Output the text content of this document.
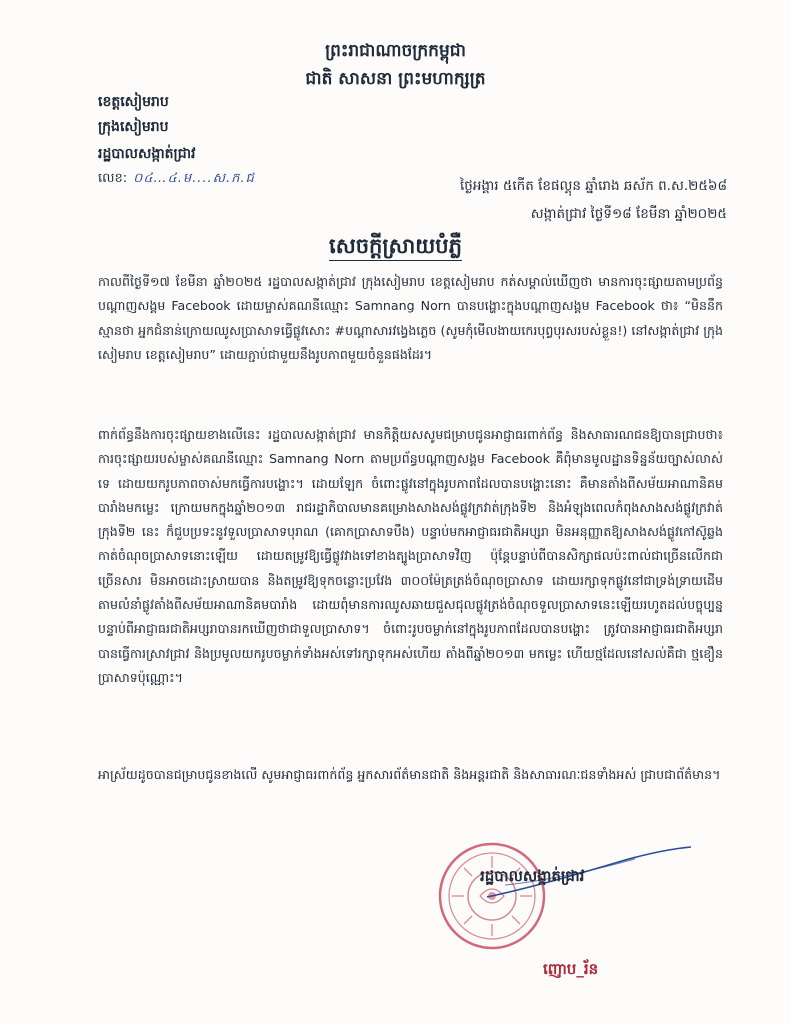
ព្រះរាជាណាចក្រកម្ពុជា
ជាតិ សាសនា ព្រះមហាក្សត្រ
ខេត្តសៀមរាប
ក្រុងសៀមរាប
រដ្ឋបាលសង្កាត់ជ្រាវ
លេខ: ០៤…៤.ម....ស.ក.ជ	ថ្ងៃអង្គារ ៥កេីត ខែផល្គុន ឆ្នាំរោង ឆស័ក ព.ស.២៥៦៨
សង្កាត់ជ្រាវ ថ្ងៃទី១៨ ខែមីនា ឆ្នាំ២០២៥
សេចក្តីស្រាយបំភ្លឺ
កាលពីថ្ងៃទី១៧ ខែមីនា ឆ្នាំ២០២៥ រដ្ឋបាលសង្កាត់ជ្រាវ ក្រុងសៀមរាប ខេត្តសៀមរាប កត់សម្គាល់ឃើញថា មានការចុះផ្សាយតាមប្រព័ន្ធបណ្តាញសង្គម Facebook ដោយម្ចាស់គណនីឈ្មោះ Samnang Norn បានបង្ហោះក្នុងបណ្តាញសង្គម Facebook ថា៖ “មិននឹកស្មានថា អ្នកជំនាន់ក្រោយឈូសប្រាសាទធ្វើផ្លូវសោះ #បណ្តាសារវង្វេងភ្លេច (សូមកុំមើលងាយកេរបុព្វបុរសរបស់ខ្លួន!) នៅសង្កាត់ជ្រាវ ក្រុងសៀមរាប ខេត្តសៀមរាប” ដោយភ្ជាប់ជាមួយនឹងរូបភាពមួយចំនួនផងដែរ។
ពាក់ព័ន្ធនឹងការចុះផ្សាយខាងលើនេះ រដ្ឋបាលសង្កាត់ជ្រាវ មានកិត្តិយសសូមជម្រាបជូនអាជ្ញាធរពាក់ព័ន្ធ និងសាធារណជនឱ្យបានជ្រាបថា៖ ការចុះផ្សាយរបស់ម្ចាស់គណនីឈ្មោះ Samnang Norn តាមប្រព័ន្ធបណ្តាញសង្គម Facebook គឺពុំមានមូលដ្ឋានទិន្នន័យច្បាស់លាស់ទេ ដោយយករូបភាពចាស់មកធ្វើការបង្ហោះ។ ដោយឡែក ចំពោះផ្លូវនៅក្នុងរូបភាពដែលបានបង្ហោះនោះ គឺមានតាំងពីសម័យអាណានិគមបារាំងមកម្លេះ ក្រោយមកក្នុងឆ្នាំ២០១៣ រាជរដ្ឋាភិបាលមានគម្រោងសាងសង់ផ្លូវក្រវាត់ក្រុងទី២ និងអំឡុងពេលកំពុងសាងសង់ផ្លូវក្រវាត់ក្រុងទី២ នេះ ក៏ជួបប្រទះនូវទួលប្រាសាទបុរាណ (គោកប្រាសាទបឹង) បន្ទាប់មកអាជ្ញាធរជាតិអប្សរា មិនអនុញ្ញាតឱ្យសាងសង់ផ្លូវកៅស៊ូឆ្លងកាត់ចំណុចប្រាសាទនោះឡើយ ដោយតម្រូវឱ្យធ្វើផ្លូវវាងទៅខាងត្បូងប្រាសាទវិញ ប៉ុន្តែបន្ទាប់ពីបានសិក្សាផលប៉ះពាល់ជាច្រើនលើកជាច្រើនសារ មិនអាចដោះស្រាយបាន និងតម្រូវឱ្យទុកចន្លោះប្រវែង ៣០០ម៉ែត្រត្រង់ចំណុចប្រាសាទ ដោយរក្សាទុកផ្លូវនៅជាទ្រង់ទ្រាយដើមតាមលំនាំផ្លូវតាំងពីសម័យអាណានិគមបារាំង ដោយពុំមានការឈូសឆាយជួសជុលផ្លូវត្រង់ចំណុចទួលប្រាសាទនេះឡើយរហូតដល់បច្ចុប្បន្ន បន្ទាប់ពីអាជ្ញាធរជាតិអប្សរាបានរកឃើញថាជាទួលប្រាសាទ។ ចំពោះរូបចម្លាក់នៅក្នុងរូបភាពដែលបានបង្ហោះ ត្រូវបានអាជ្ញាធរជាតិអប្សរា បានធ្វើការស្រាវជ្រាវ និងប្រមូលយករូបចម្លាក់ទាំងអស់ទៅរក្សាទុកអស់ហើយ តាំងពីឆ្នាំ២០១៣ មកម្លេះ ហើយថ្មដែលនៅសល់គឺជា ថ្មខឿនប្រាសាទប៉ុណ្ណោះ។
អាស្រ័យដូចបានជម្រាបជូនខាងលើ សូមអាជ្ញាធរពាក់ព័ន្ធ អ្នកសារព័ត៌មានជាតិ និងអន្តរជាតិ និងសាធារណៈជនទាំងអស់ ជ្រាបជាព័ត៌មាន។
រដ្ឋបាលសង្កាត់ជ្រាវ
ញោប_រ័ន
